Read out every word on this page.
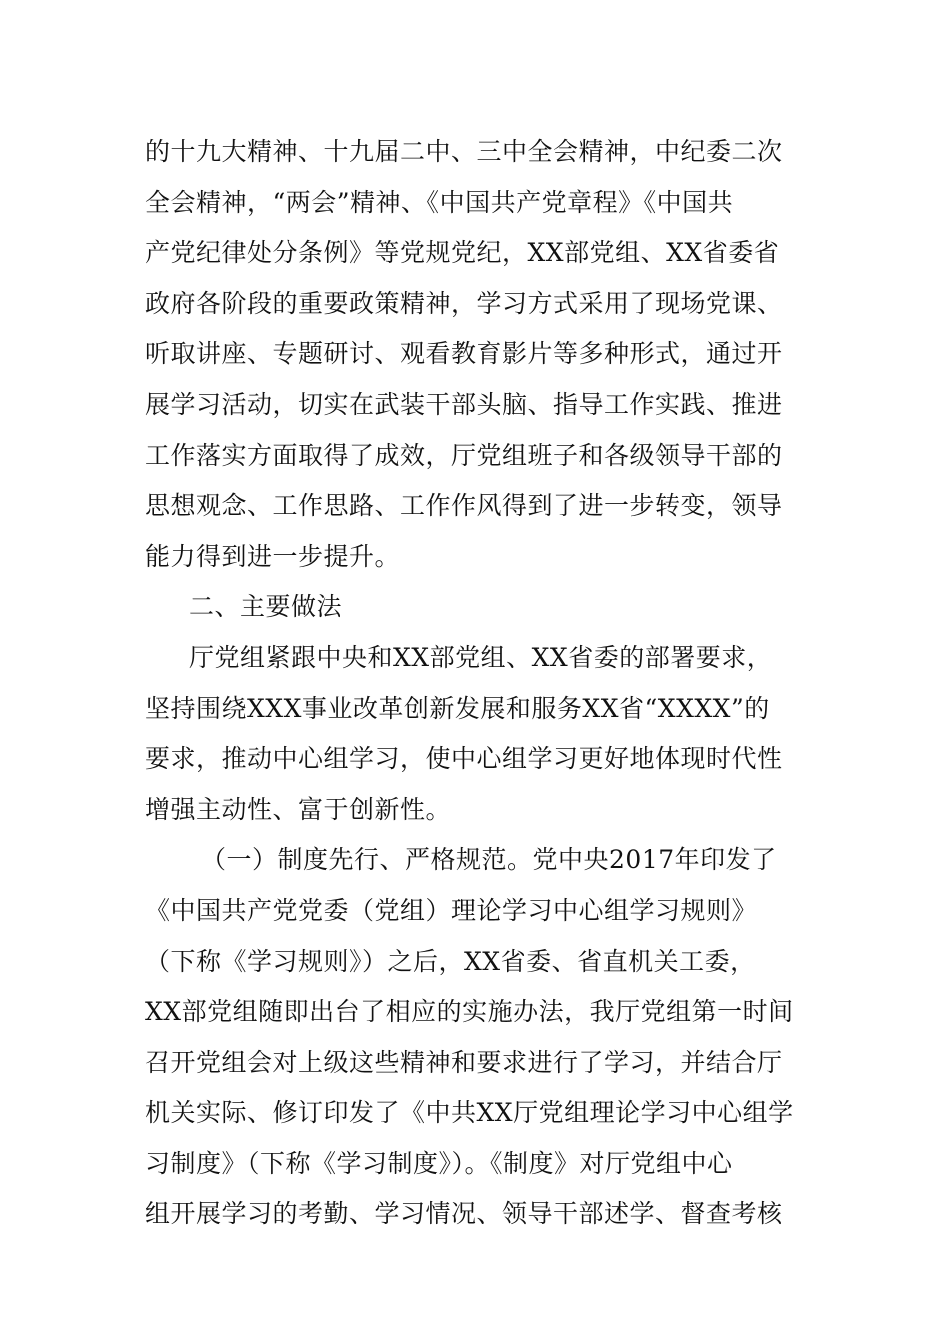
的十九大精神、十九届二中、三中全会精神，中纪委二次
全会精神，“两会”精神、《中国共产党章程》《中国共
产党纪律处分条例》等党规党纪，XX部党组、XX省委省
政府各阶段的重要政策精神，学习方式采用了现场党课、
听取讲座、专题研讨、观看教育影片等多种形式，通过开
展学习活动，切实在武装干部头脑、指导工作实践、推进
工作落实方面取得了成效，厅党组班子和各级领导干部的
思想观念、工作思路、工作作风得到了进一步转变，领导
能力得到进一步提升。
二、主要做法
厅党组紧跟中央和XX部党组、XX省委的部署要求，
坚持围绕XXX事业改革创新发展和服务XX省“XXXX”的
要求，推动中心组学习，使中心组学习更好地体现时代性
增强主动性、富于创新性。
（一）制度先行、严格规范。党中央2017年印发了
《中国共产党党委（党组）理论学习中心组学习规则》
（下称《学习规则》）之后，XX省委、省直机关工委，
XX部党组随即出台了相应的实施办法，我厅党组第一时间
召开党组会对上级这些精神和要求进行了学习，并结合厅
机关实际、修订印发了《中共XX厅党组理论学习中心组学
习制度》（下称《学习制度》）。《制度》对厅党组中心
组开展学习的考勤、学习情况、领导干部述学、督查考核
